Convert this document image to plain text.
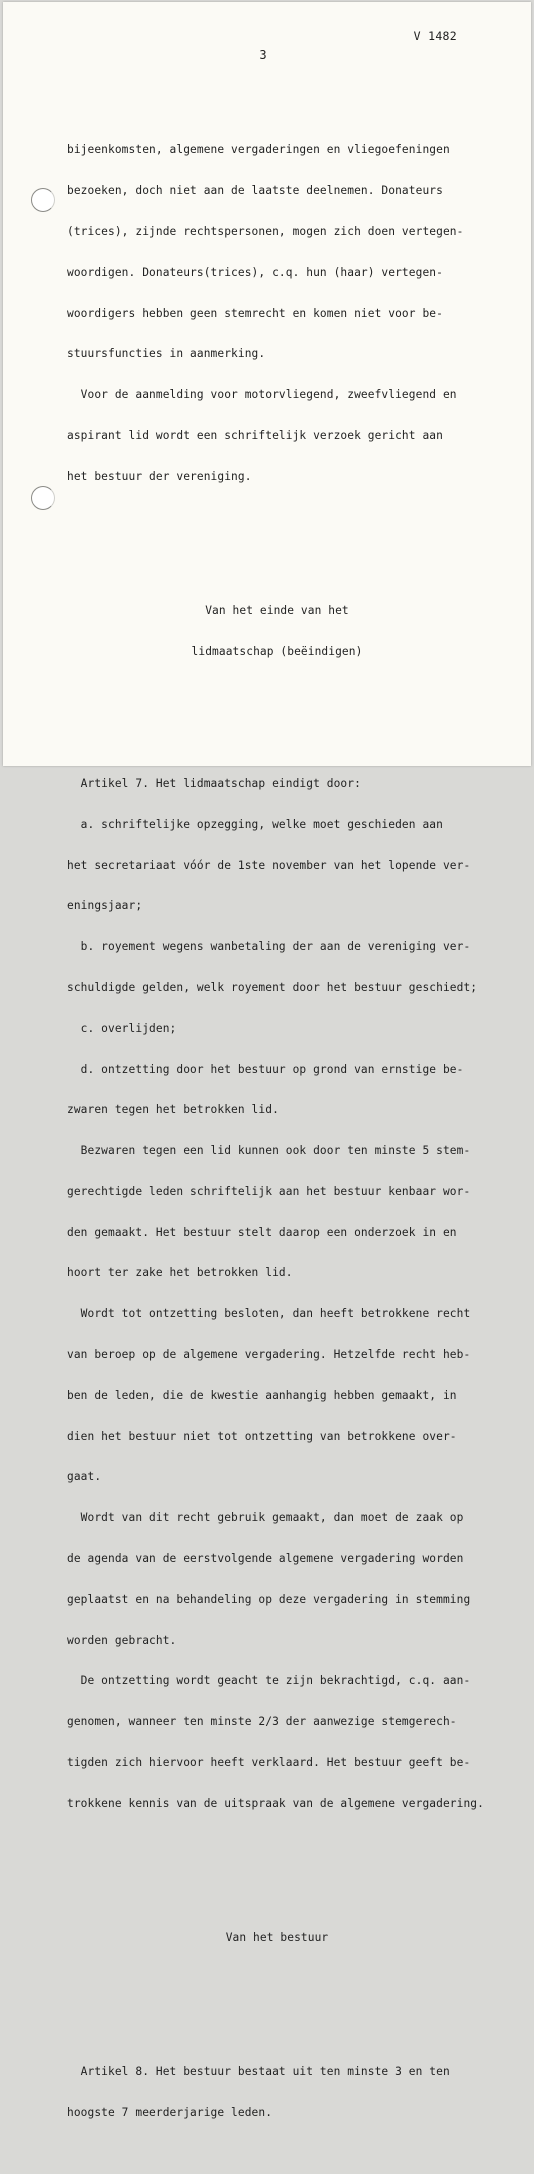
V 1482
3

bijeenkomsten, algemene vergaderingen en vliegoefeningen

bezoeken, doch niet aan de laatste deelnemen. Donateurs

(trices), zijnde rechtspersonen, mogen zich doen vertegen-

woordigen. Donateurs(trices), c.q. hun (haar) vertegen-

woordigers hebben geen stemrecht en komen niet voor be-

stuursfuncties in aanmerking.

Voor de aanmelding voor motorvliegend, zweefvliegend en

aspirant lid wordt een schriftelijk verzoek gericht aan

het bestuur der vereniging.

Van het einde van het

lidmaatschap (beëindigen)

Artikel 7. Het lidmaatschap eindigt door:

a. schriftelijke opzegging, welke moet geschieden aan

het secretariaat vóór de 1ste november van het lopende ver-

eningsjaar;

b. royement wegens wanbetaling der aan de vereniging ver-

schuldigde gelden, welk royement door het bestuur geschiedt;

c. overlijden;

d. ontzetting door het bestuur op grond van ernstige be-

zwaren tegen het betrokken lid.

Bezwaren tegen een lid kunnen ook door ten minste 5 stem-

gerechtigde leden schriftelijk aan het bestuur kenbaar wor-

den gemaakt. Het bestuur stelt daarop een onderzoek in en

hoort ter zake het betrokken lid.

Wordt tot ontzetting besloten, dan heeft betrokkene recht

van beroep op de algemene vergadering. Hetzelfde recht heb-

ben de leden, die de kwestie aanhangig hebben gemaakt, in

dien het bestuur niet tot ontzetting van betrokkene over-

gaat.

Wordt van dit recht gebruik gemaakt, dan moet de zaak op

de agenda van de eerstvolgende algemene vergadering worden

geplaatst en na behandeling op deze vergadering in stemming

worden gebracht.

De ontzetting wordt geacht te zijn bekrachtigd, c.q. aan-

genomen, wanneer ten minste 2/3 der aanwezige stemgerech-

tigden zich hiervoor heeft verklaard. Het bestuur geeft be-

trokkene kennis van de uitspraak van de algemene vergadering.

Van het bestuur

Artikel 8. Het bestuur bestaat uit ten minste 3 en ten

hoogste 7 meerderjarige leden.
